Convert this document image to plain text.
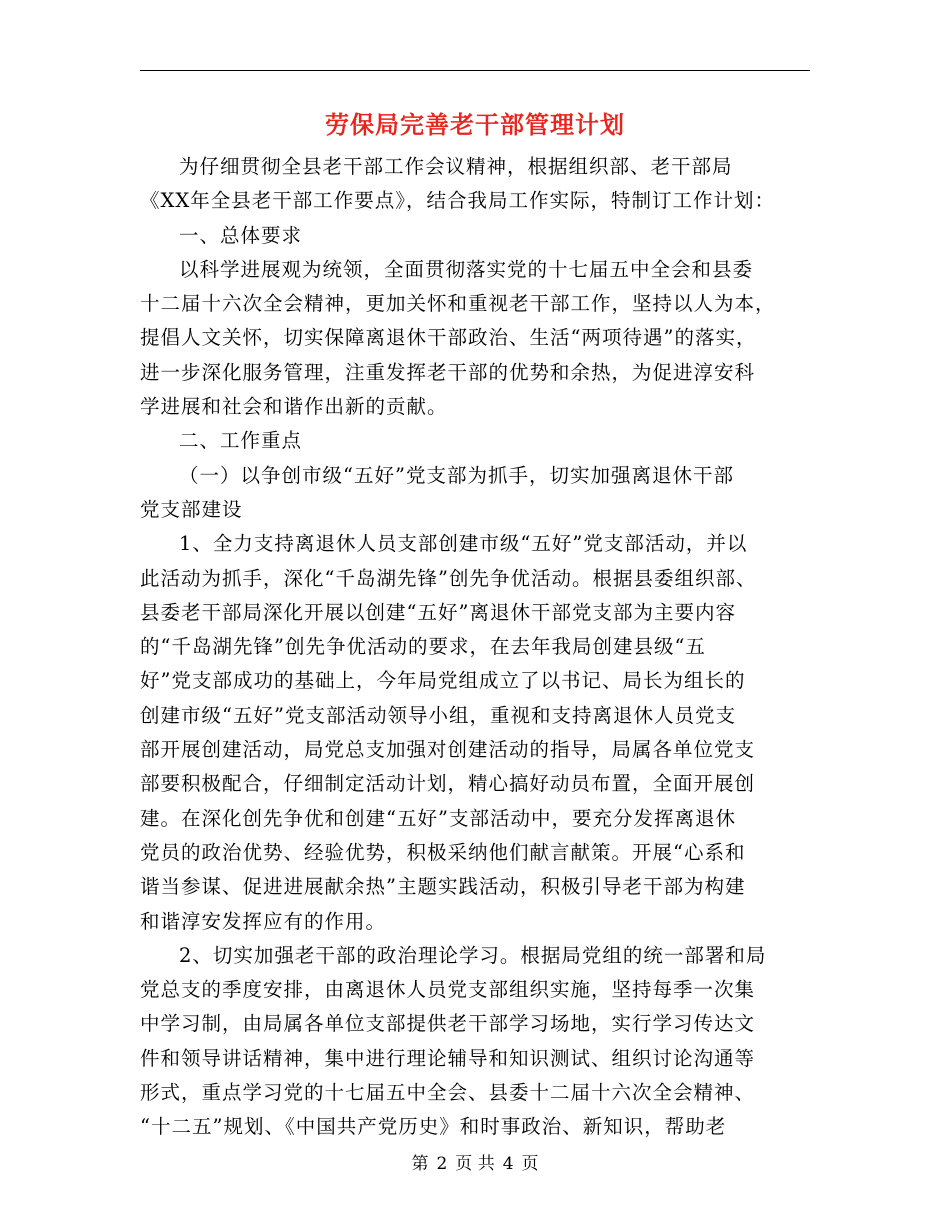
劳保局完善老干部管理计划

为仔细贯彻全县老干部工作会议精神，根据组织部、老干部局

《XX年全县老干部工作要点》，结合我局工作实际，特制订工作计划：

一、总体要求

以科学进展观为统领，全面贯彻落实党的十七届五中全会和县委

十二届十六次全会精神，更加关怀和重视老干部工作，坚持以人为本，

提倡人文关怀，切实保障离退休干部政治、生活“两项待遇”的落实，

进一步深化服务管理，注重发挥老干部的优势和余热，为促进淳安科

学进展和社会和谐作出新的贡献。

二、工作重点

（一）以争创市级“五好”党支部为抓手，切实加强离退休干部

党支部建设

1、全力支持离退休人员支部创建市级“五好”党支部活动，并以

此活动为抓手，深化“千岛湖先锋”创先争优活动。根据县委组织部、

县委老干部局深化开展以创建“五好”离退休干部党支部为主要内容

的“千岛湖先锋”创先争优活动的要求，在去年我局创建县级“五

好”党支部成功的基础上，今年局党组成立了以书记、局长为组长的

创建市级“五好”党支部活动领导小组，重视和支持离退休人员党支

部开展创建活动，局党总支加强对创建活动的指导，局属各单位党支

部要积极配合，仔细制定活动计划，精心搞好动员布置，全面开展创

建。在深化创先争优和创建“五好”支部活动中，要充分发挥离退休

党员的政治优势、经验优势，积极采纳他们献言献策。开展“心系和

谐当参谋、促进进展献余热”主题实践活动，积极引导老干部为构建

和谐淳安发挥应有的作用。

2、切实加强老干部的政治理论学习。根据局党组的统一部署和局

党总支的季度安排，由离退休人员党支部组织实施，坚持每季一次集

中学习制，由局属各单位支部提供老干部学习场地，实行学习传达文

件和领导讲话精神，集中进行理论辅导和知识测试、组织讨论沟通等

形式，重点学习党的十七届五中全会、县委十二届十六次全会精神、

“十二五”规划、《中国共产党历史》和时事政治、新知识，帮助老

第 2 页 共 4 页
